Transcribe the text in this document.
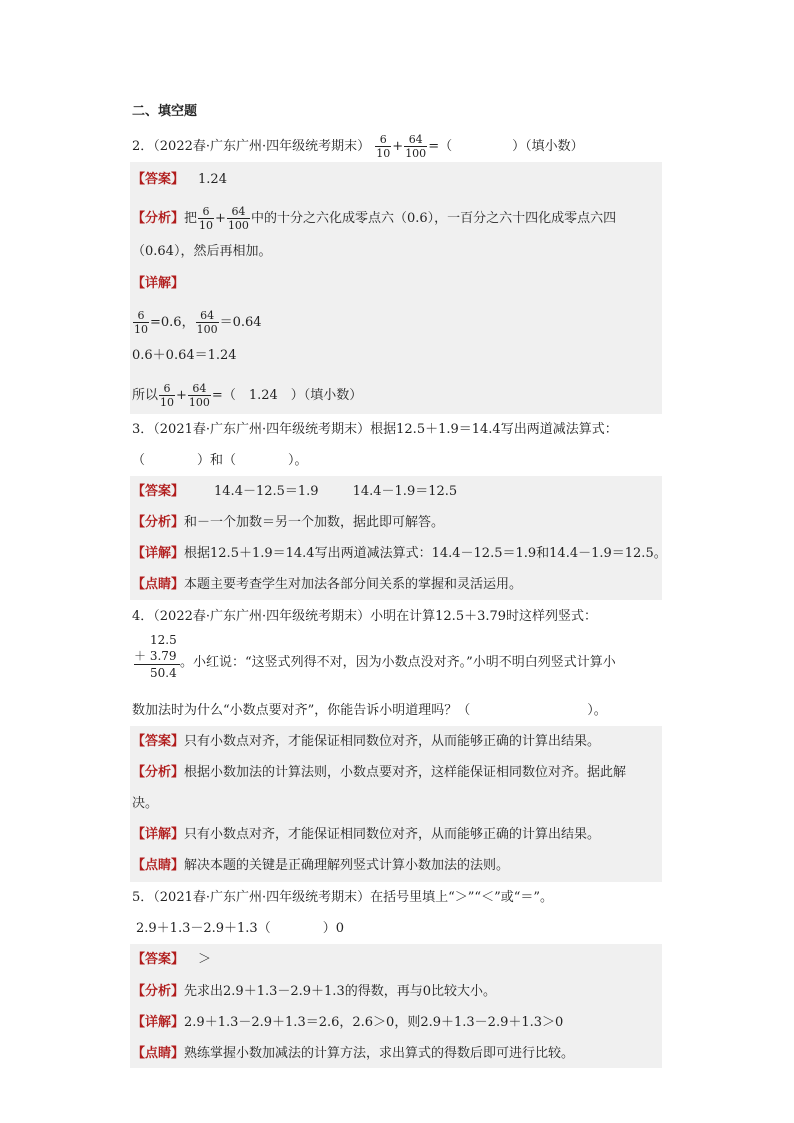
二、填空题
2．（2022春·广东广州·四年级统考期末） $\frac{6}{10} + \frac{64}{100}$ =（	）（填小数）
【答案】 1.24
【分析】把 $\frac{6}{10} + \frac{64}{100}$ 中的十分之六化成零点六（0.6），一百分之六十四化成零点六四
（0.64），然后再相加。
【详解】
$\frac{6}{10} =0.6$， $\frac{64}{100} =0.64$
0.6＋0.64＝1.24
所以 $\frac{6}{10} + \frac{64}{100}$ =（　1.24　）（填小数）
3．（2021春·广东广州·四年级统考期末）根据12.5＋1.9＝14.4写出两道减法算式：
（　　　　）和（　　　　）。
【答案】 14.4－12.5＝1.9	14.4－1.9＝12.5
【分析】和－一个加数＝另一个加数，据此即可解答。
【详解】根据12.5＋1.9＝14.4写出两道减法算式：14.4－12.5＝1.9和14.4－1.9＝12.5。
【点睛】本题主要考查学生对加法各部分间关系的掌握和灵活运用。
4．（2022春·广东广州·四年级统考期末）小明在计算12.5＋3.79时这样列竖式：
12.5
＋ 3.79
50.4
。小红说：“这竖式列得不对，因为小数点没对齐。”小明不明白列竖式计算小
数加法时为什么“小数点要对齐”，你能告诉小明道理吗？（　　　　　　　　　）。
【答案】只有小数点对齐，才能保证相同数位对齐，从而能够正确的计算出结果。
【分析】根据小数加法的计算法则，小数点要对齐，这样能保证相同数位对齐。据此解
决。
【详解】只有小数点对齐，才能保证相同数位对齐，从而能够正确的计算出结果。
【点睛】解决本题的关键是正确理解列竖式计算小数加法的法则。
5．（2021春·广东广州·四年级统考期末）在括号里填上“＞”“＜”或“＝”。
2.9＋1.3－2.9＋1.3（　　　　）0
【答案】 ＞
【分析】先求出2.9＋1.3－2.9＋1.3的得数，再与0比较大小。
【详解】2.9＋1.3－2.9＋1.3＝2.6，2.6＞0，则2.9＋1.3－2.9＋1.3＞0
【点睛】熟练掌握小数加减法的计算方法，求出算式的得数后即可进行比较。
